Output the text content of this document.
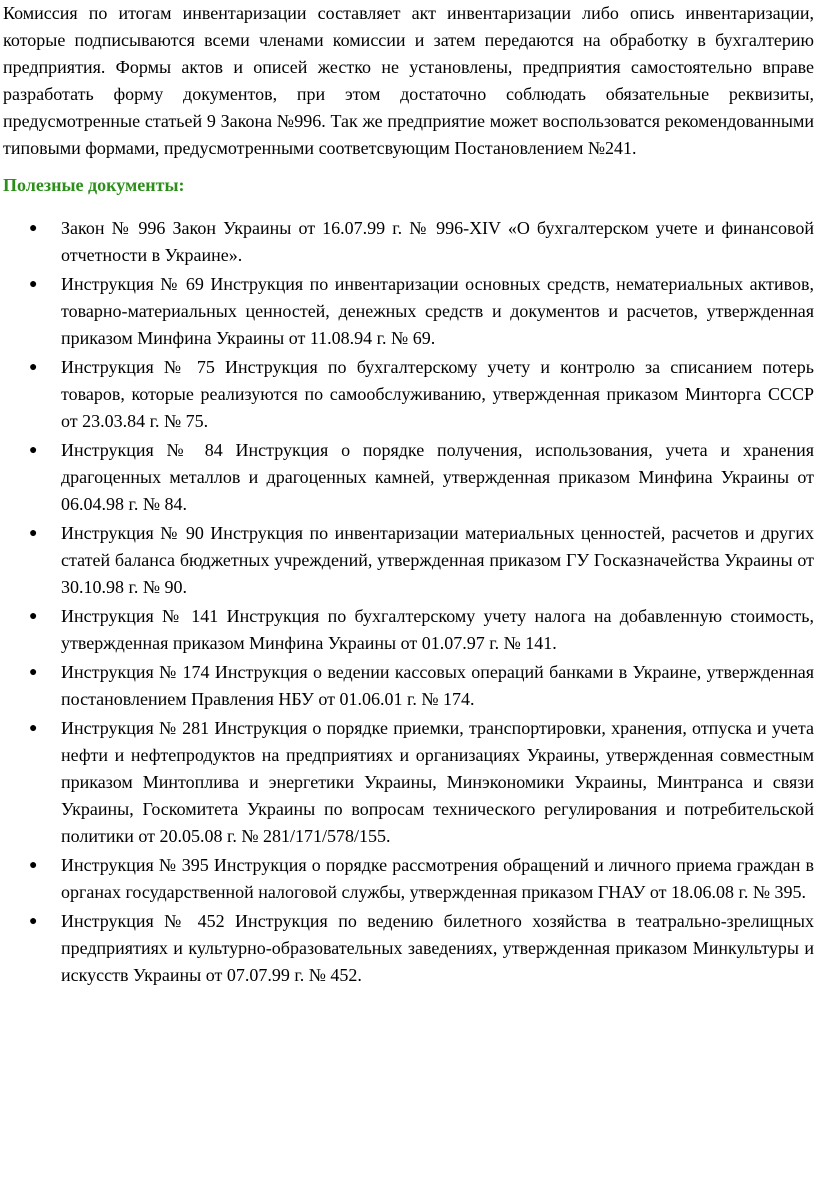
Комиссия по итогам инвентаризации составляет акт инвентаризации либо опись инвентаризации, которые подписываются всеми членами комиссии и затем передаются на обработку в бухгалтерию предприятия. Формы актов и описей жестко не установлены, предприятия самостоятельно вправе разработать форму документов, при этом достаточно соблюдать обязательные реквизиты, предусмотренные статьей 9 Закона №996. Так же предприятие может воспользоватся рекомендованными типовыми формами, предусмотренными соответсвующим Постановлением №241.

Полезные документы:

● Закон № 996 Закон Украины от 16.07.99 г. № 996-XIV «О бухгалтерском учете и финансовой отчетности в Украине».
● Инструкция № 69 Инструкция по инвентаризации основных средств, нематериальных активов, товарно-материальных ценностей, денежных средств и документов и расчетов, утвержденная приказом Минфина Украины от 11.08.94 г. № 69.
● Инструкция № 75 Инструкция по бухгалтерскому учету и контролю за списанием потерь товаров, которые реализуются по самообслуживанию, утвержденная приказом Минторга СССР от 23.03.84 г. № 75.
● Инструкция № 84 Инструкция о порядке получения, использования, учета и хранения драгоценных металлов и драгоценных камней, утвержденная приказом Минфина Украины от 06.04.98 г. № 84.
● Инструкция № 90 Инструкция по инвентаризации материальных ценностей, расчетов и других статей баланса бюджетных учреждений, утвержденная приказом ГУ Госказначейства Украины от 30.10.98 г. № 90.
● Инструкция № 141 Инструкция по бухгалтерскому учету налога на добавленную стоимость, утвержденная приказом Минфина Украины от 01.07.97 г. № 141.
● Инструкция № 174 Инструкция о ведении кассовых операций банками в Украине, утвержденная постановлением Правления НБУ от 01.06.01 г. № 174.
● Инструкция № 281 Инструкция о порядке приемки, транспортировки, хранения, отпуска и учета нефти и нефтепродуктов на предприятиях и организациях Украины, утвержденная совместным приказом Минтоплива и энергетики Украины, Минэкономики Украины, Минтранса и связи Украины, Госкомитета Украины по вопросам технического регулирования и потребительской политики от 20.05.08 г. № 281/171/578/155.
● Инструкция № 395 Инструкция о порядке рассмотрения обращений и личного приема граждан в органах государственной налоговой службы, утвержденная приказом ГНАУ от 18.06.08 г. № 395.
● Инструкция № 452 Инструкция по ведению билетного хозяйства в театрально-зрелищных предприятиях и культурно-образовательных заведениях, утвержденная приказом Минкультуры и искусств Украины от 07.07.99 г. № 452.
